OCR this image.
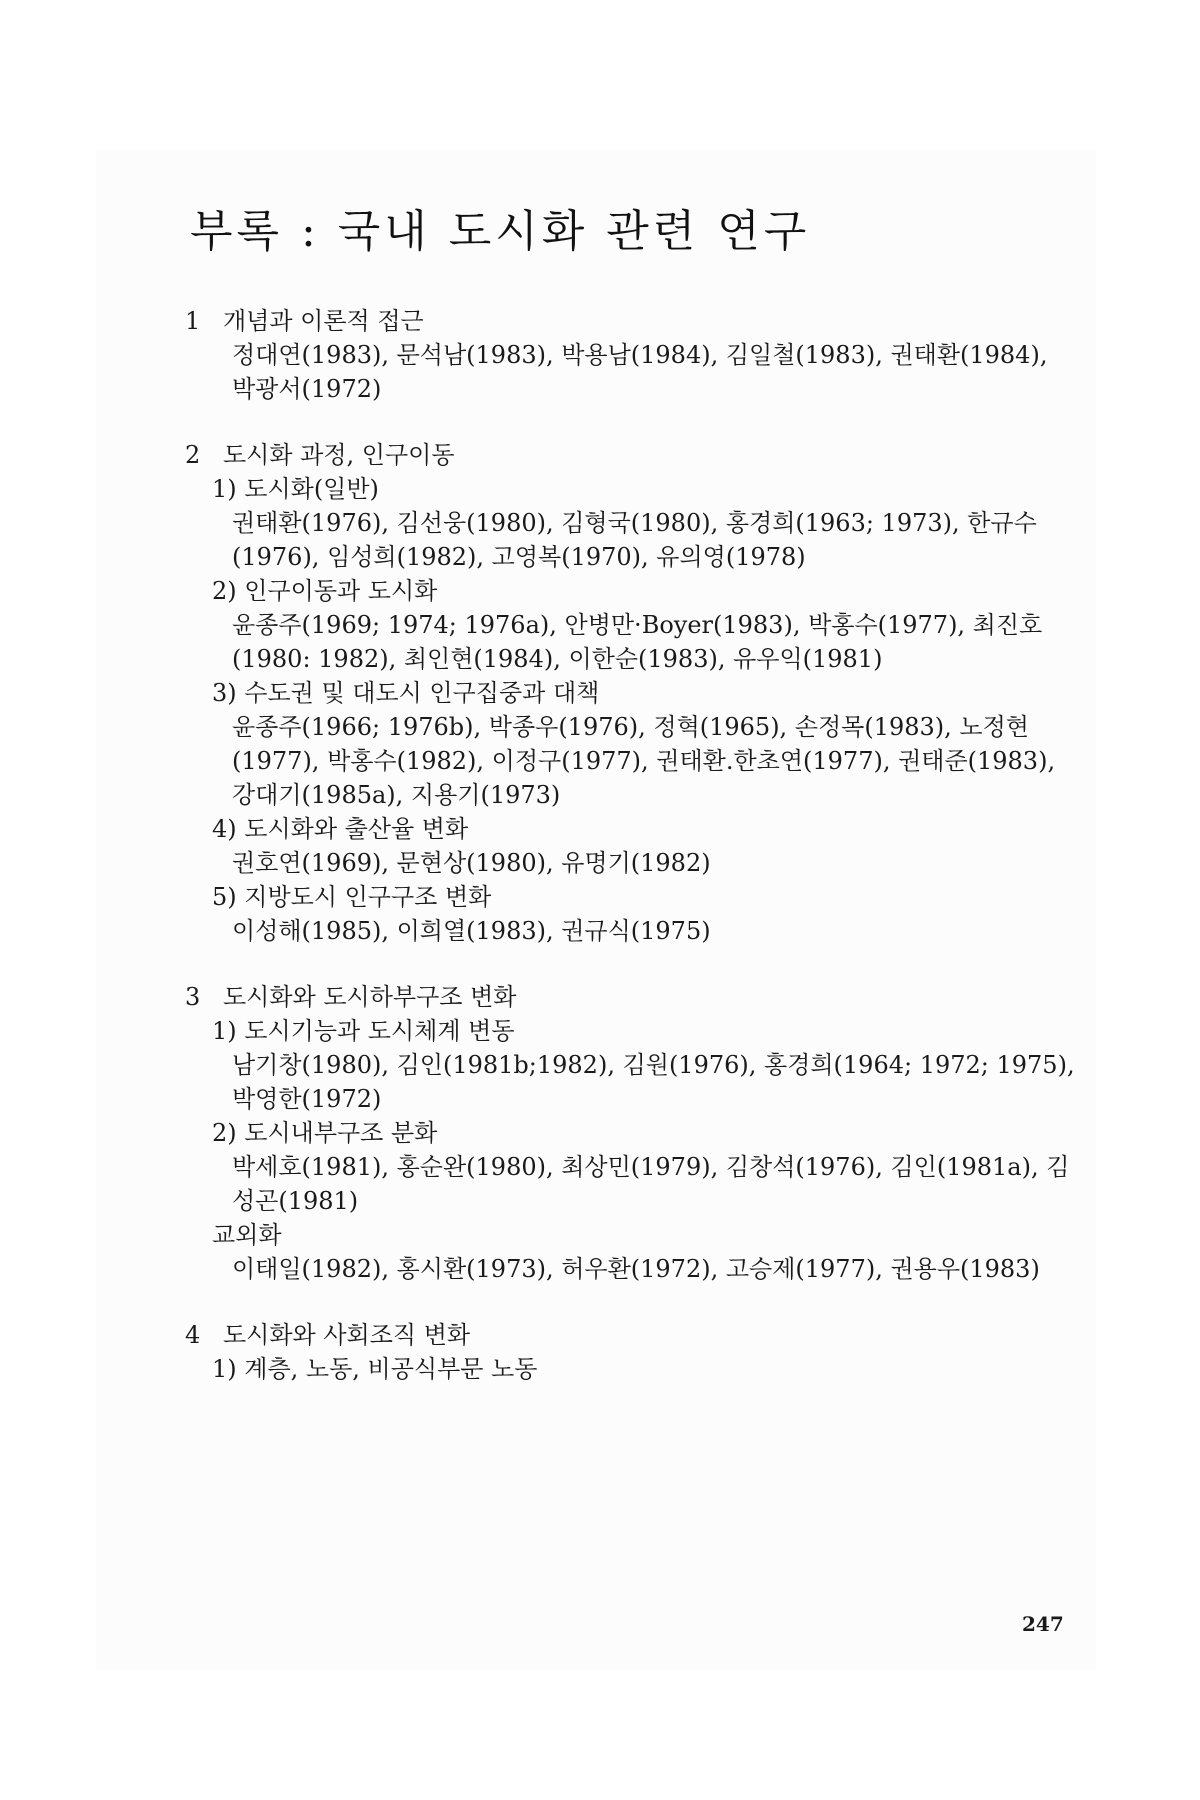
부록 : 국내 도시화 관련 연구
1 개념과 이론적 접근
정대연(1983), 문석남(1983), 박용남(1984), 김일철(1983), 권태환(1984),
박광서(1972)
2 도시화 과정, 인구이동
1) 도시화(일반)
권태환(1976), 김선웅(1980), 김형국(1980), 홍경희(1963; 1973), 한규수
(1976), 임성희(1982), 고영복(1970), 유의영(1978)
2) 인구이동과 도시화
윤종주(1969; 1974; 1976a), 안병만·Boyer(1983), 박홍수(1977), 최진호
(1980: 1982), 최인현(1984), 이한순(1983), 유우익(1981)
3) 수도권 및 대도시 인구집중과 대책
윤종주(1966; 1976b), 박종우(1976), 정혁(1965), 손정목(1983), 노정현
(1977), 박홍수(1982), 이정구(1977), 권태환.한초연(1977), 권태준(1983),
강대기(1985a), 지용기(1973)
4) 도시화와 출산율 변화
권호연(1969), 문현상(1980), 유명기(1982)
5) 지방도시 인구구조 변화
이성해(1985), 이희열(1983), 권규식(1975)
3 도시화와 도시하부구조 변화
1) 도시기능과 도시체계 변동
남기창(1980), 김인(1981b;1982), 김원(1976), 홍경희(1964; 1972; 1975),
박영한(1972)
2) 도시내부구조 분화
박세호(1981), 홍순완(1980), 최상민(1979), 김창석(1976), 김인(1981a), 김
성곤(1981)
교외화
이태일(1982), 홍시환(1973), 허우환(1972), 고승제(1977), 권용우(1983)
4 도시화와 사회조직 변화
1) 계층, 노동, 비공식부문 노동
247
